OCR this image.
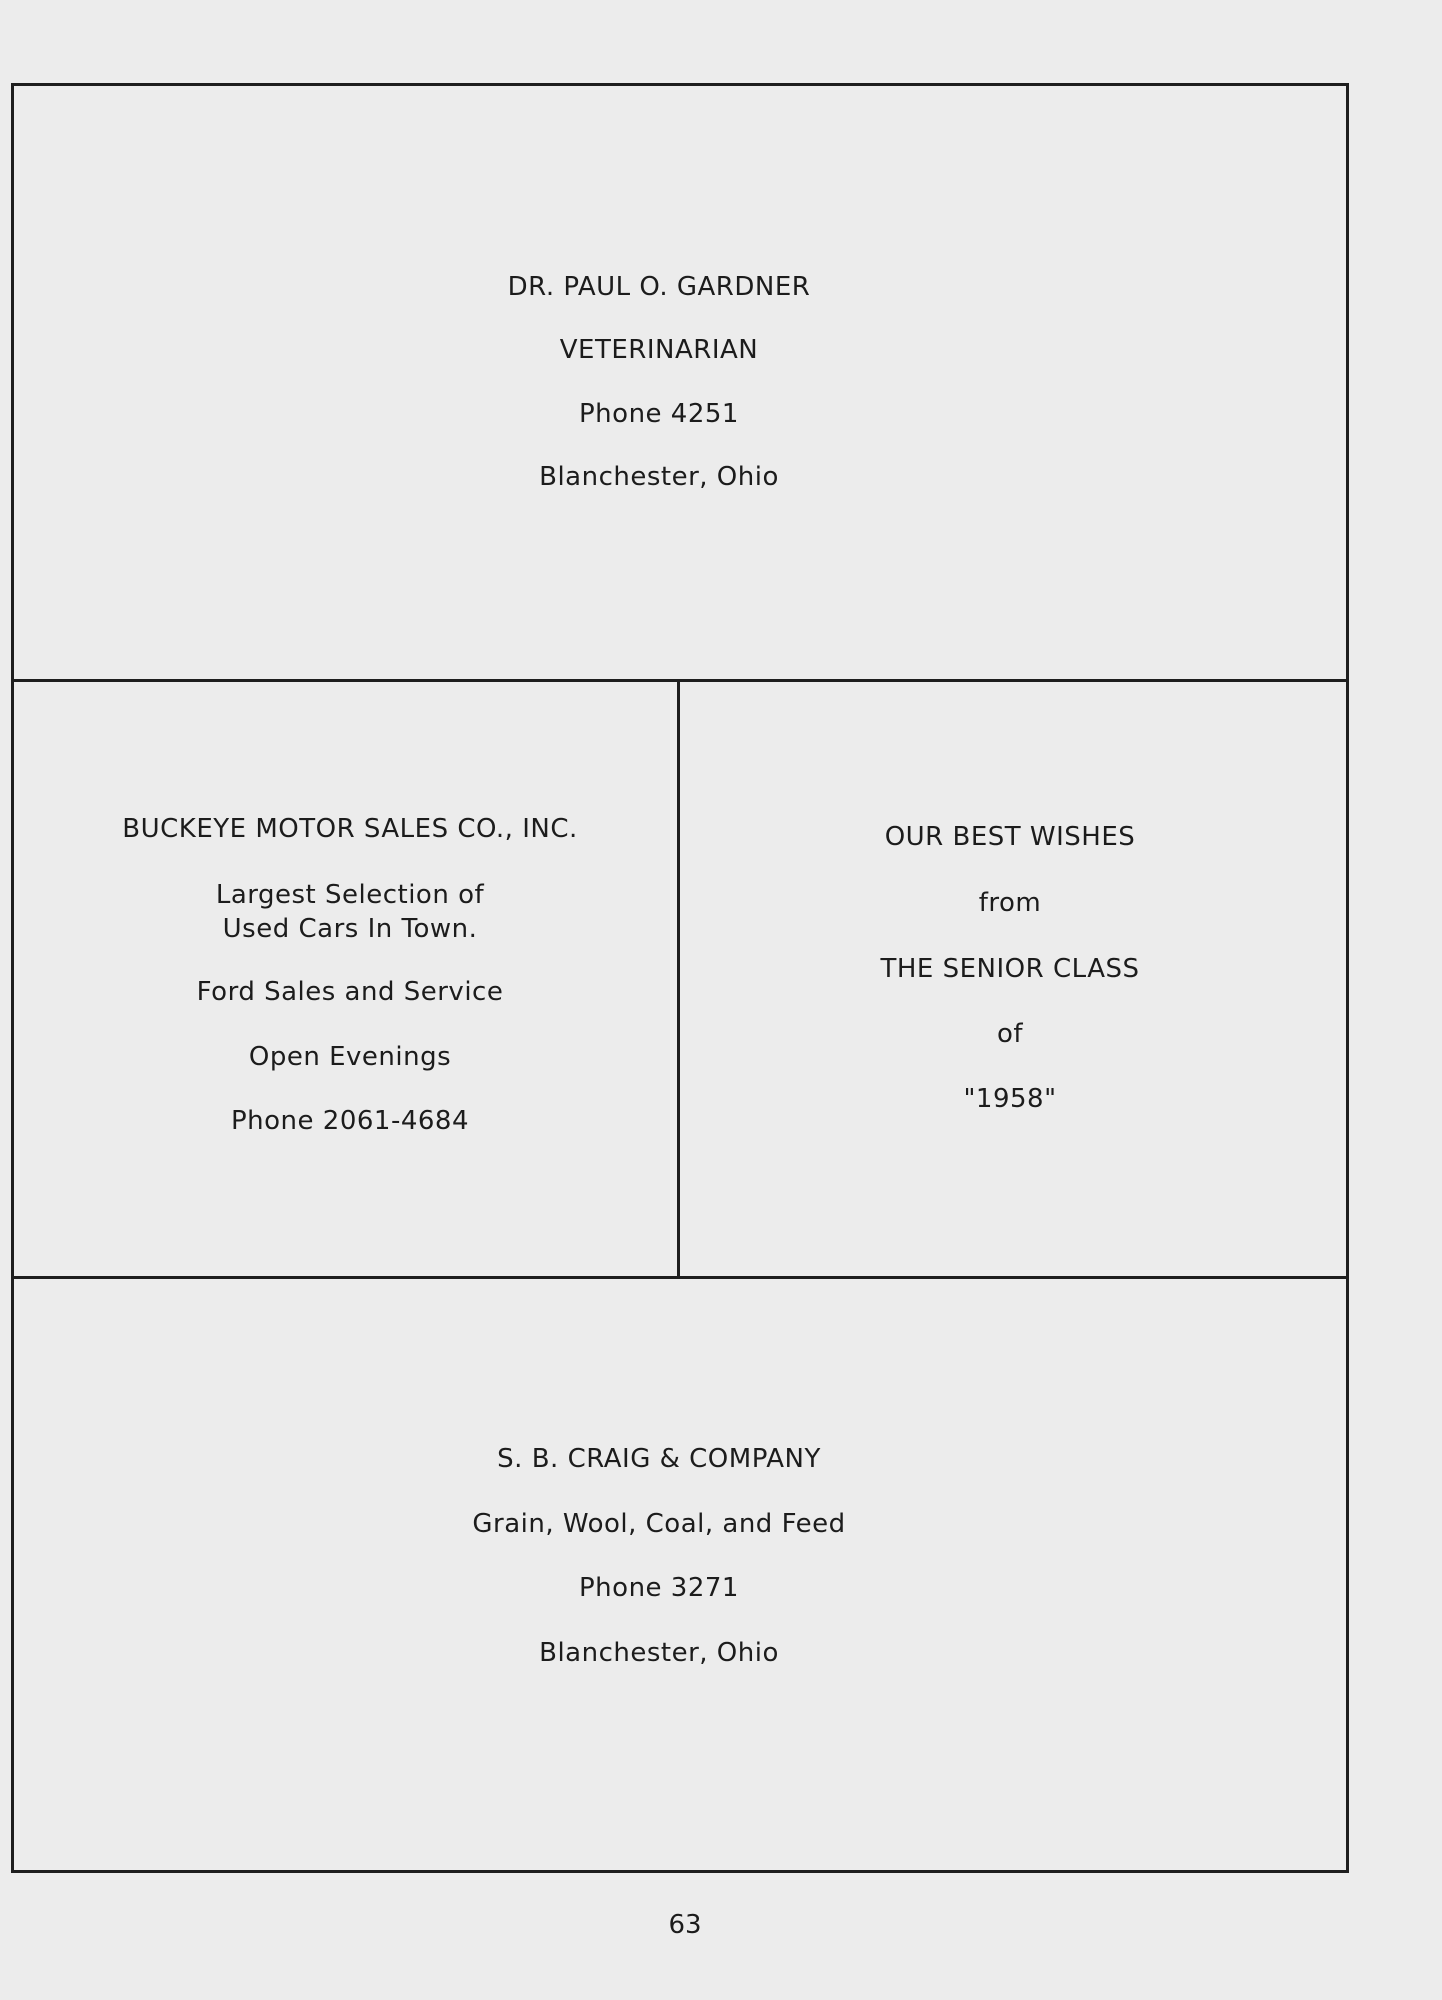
DR. PAUL O. GARDNER
VETERINARIAN
Phone 4251
Blanchester, Ohio
BUCKEYE MOTOR SALES CO., INC.
Largest Selection of
Used Cars In Town.
Ford Sales and Service
Open Evenings
Phone 2061-4684
OUR BEST WISHES
from
THE SENIOR CLASS
of
"1958"
S. B. CRAIG & COMPANY
Grain, Wool, Coal, and Feed
Phone 3271
Blanchester, Ohio
63
